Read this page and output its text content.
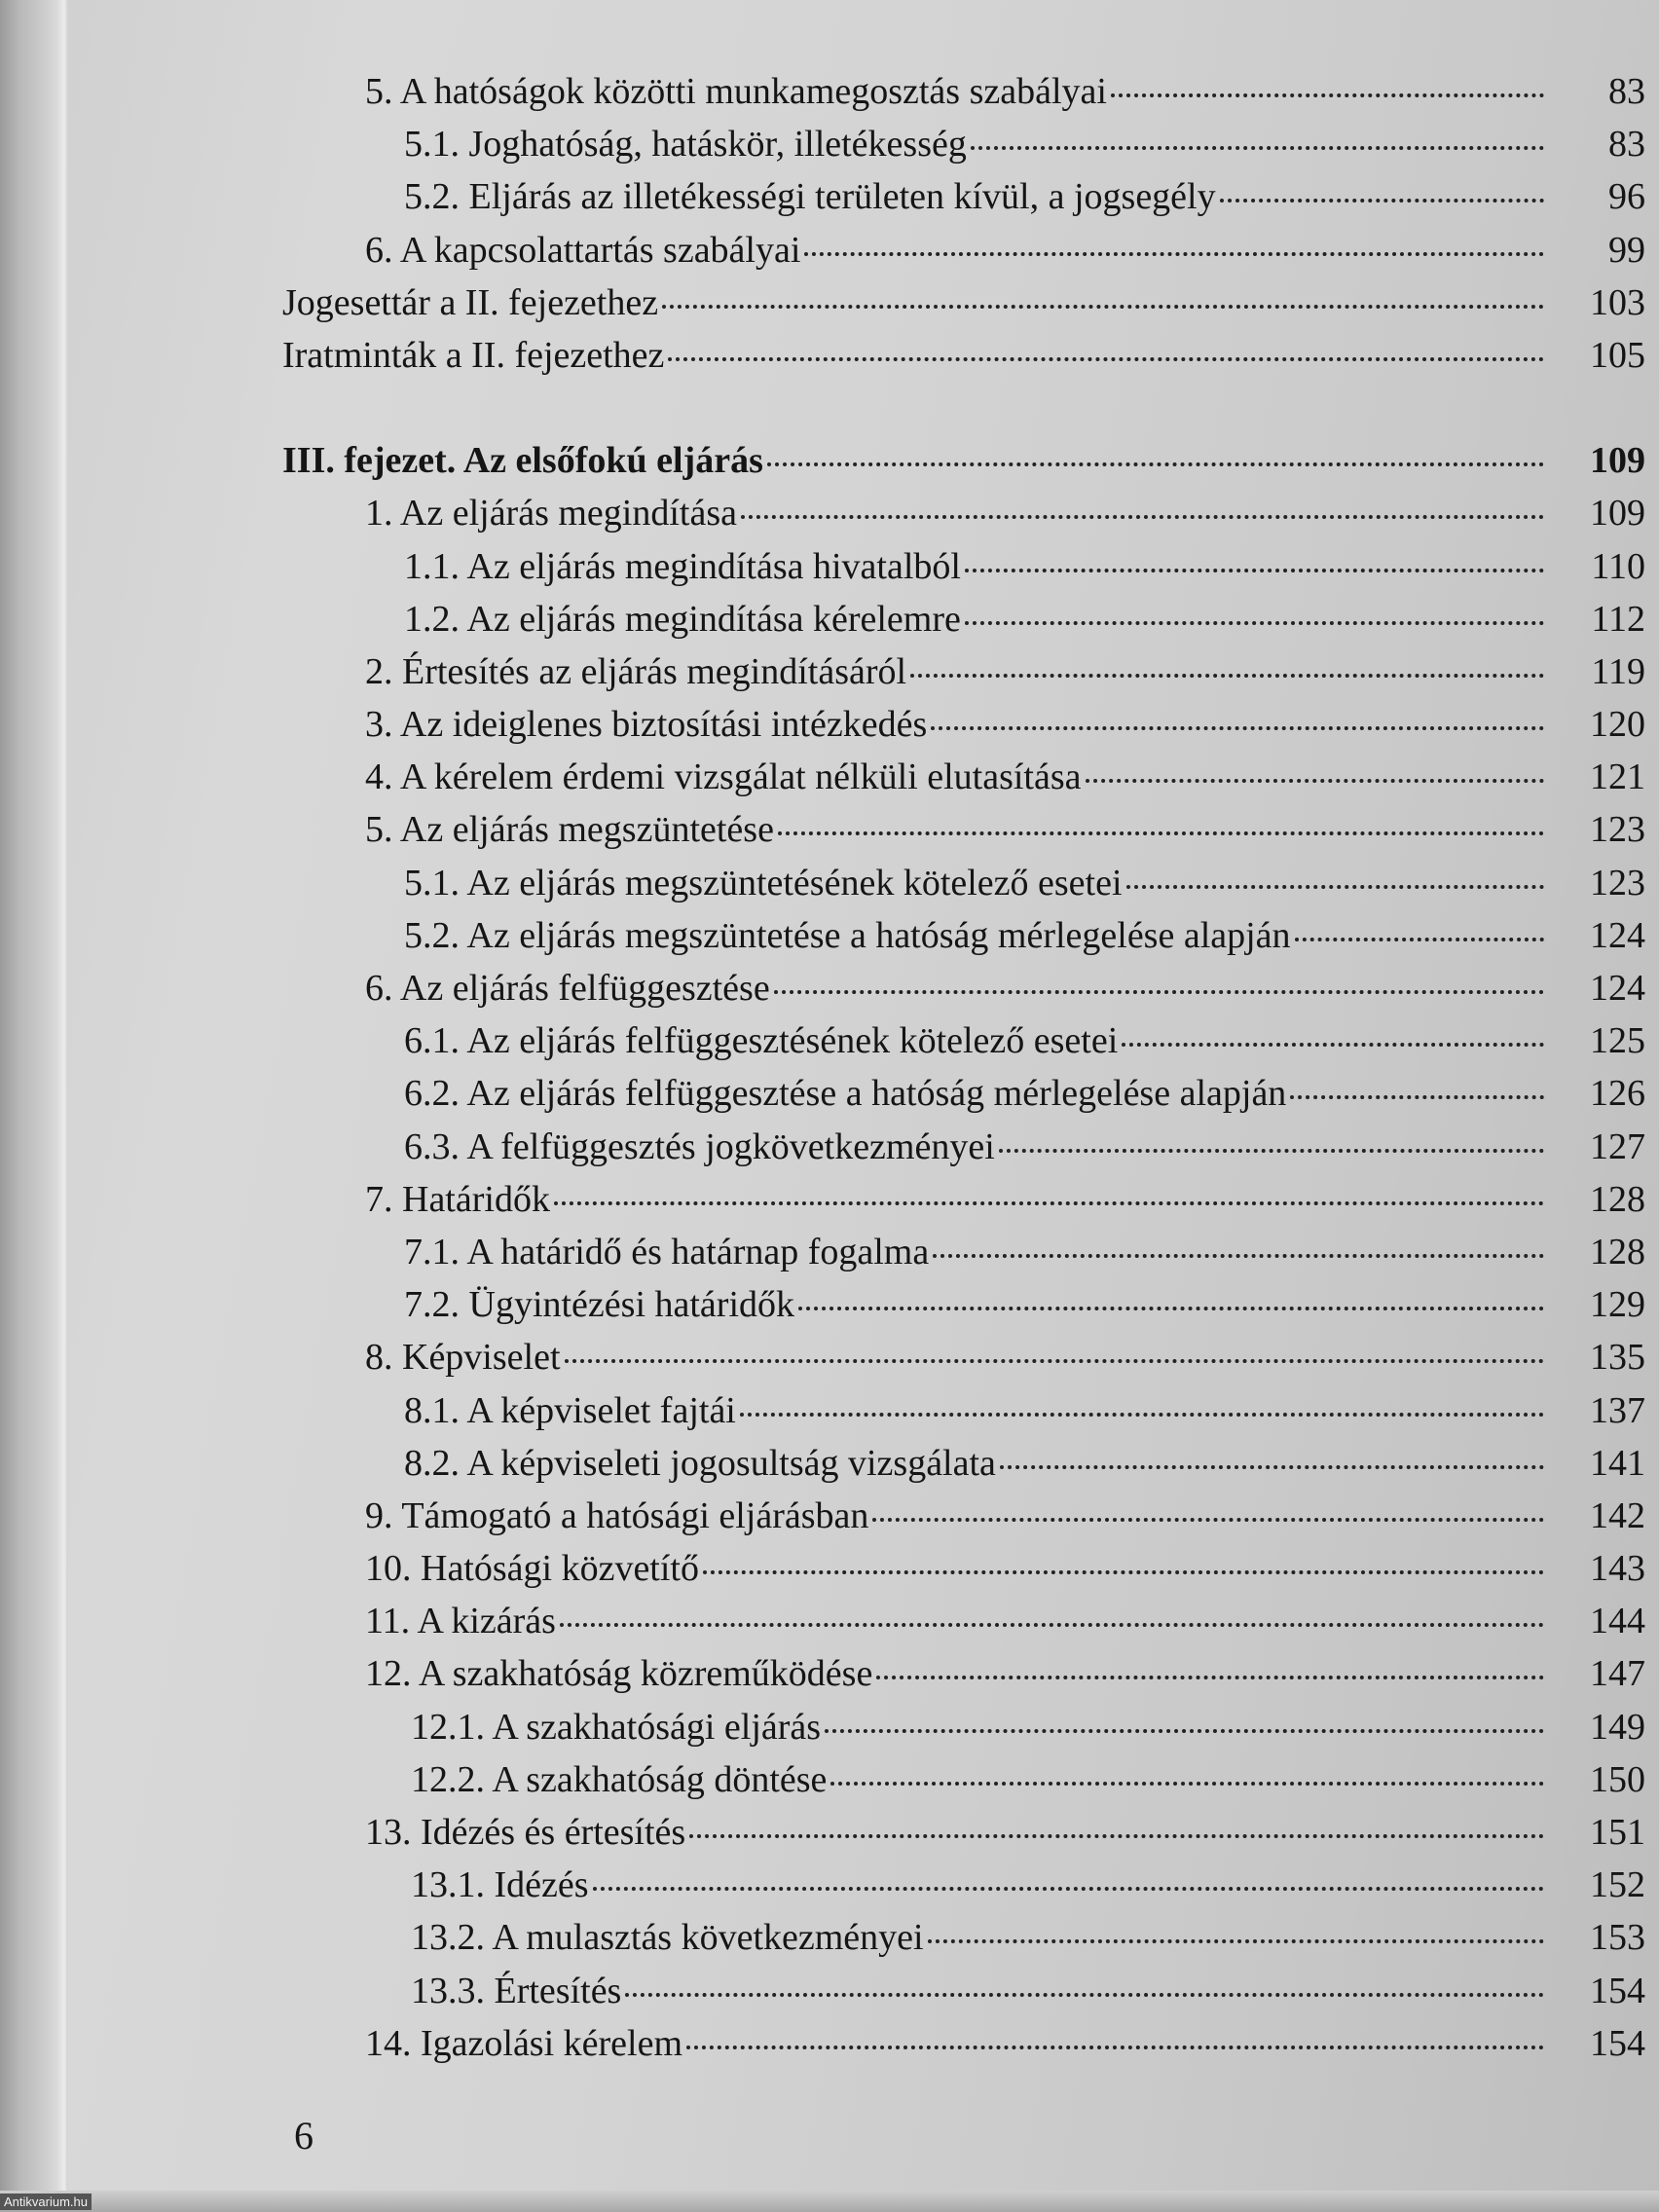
5. A hatóságok közötti munkamegosztás szabályai	83
5.1. Joghatóság, hatáskör, illetékesség	83
5.2. Eljárás az illetékességi területen kívül, a jogsegély	96
6. A kapcsolattartás szabályai	99
Jogesettár a II. fejezethez	103
Iratminták a II. fejezethez	105
III. fejezet. Az elsőfokú eljárás	109
1. Az eljárás megindítása	109
1.1. Az eljárás megindítása hivatalból	110
1.2. Az eljárás megindítása kérelemre	112
2. Értesítés az eljárás megindításáról	119
3. Az ideiglenes biztosítási intézkedés	120
4. A kérelem érdemi vizsgálat nélküli elutasítása	121
5. Az eljárás megszüntetése	123
5.1. Az eljárás megszüntetésének kötelező esetei	123
5.2. Az eljárás megszüntetése a hatóság mérlegelése alapján	124
6. Az eljárás felfüggesztése	124
6.1. Az eljárás felfüggesztésének kötelező esetei	125
6.2. Az eljárás felfüggesztése a hatóság mérlegelése alapján	126
6.3. A felfüggesztés jogkövetkezményei	127
7. Határidők	128
7.1. A határidő és határnap fogalma	128
7.2. Ügyintézési határidők	129
8. Képviselet	135
8.1. A képviselet fajtái	137
8.2. A képviseleti jogosultság vizsgálata	141
9. Támogató a hatósági eljárásban	142
10. Hatósági közvetítő	143
11. A kizárás	144
12. A szakhatóság közreműködése	147
12.1. A szakhatósági eljárás	149
12.2. A szakhatóság döntése	150
13. Idézés és értesítés	151
13.1. Idézés	152
13.2. A mulasztás következményei	153
13.3. Értesítés	154
14. Igazolási kérelem	154
6
Antikvarium.hu
